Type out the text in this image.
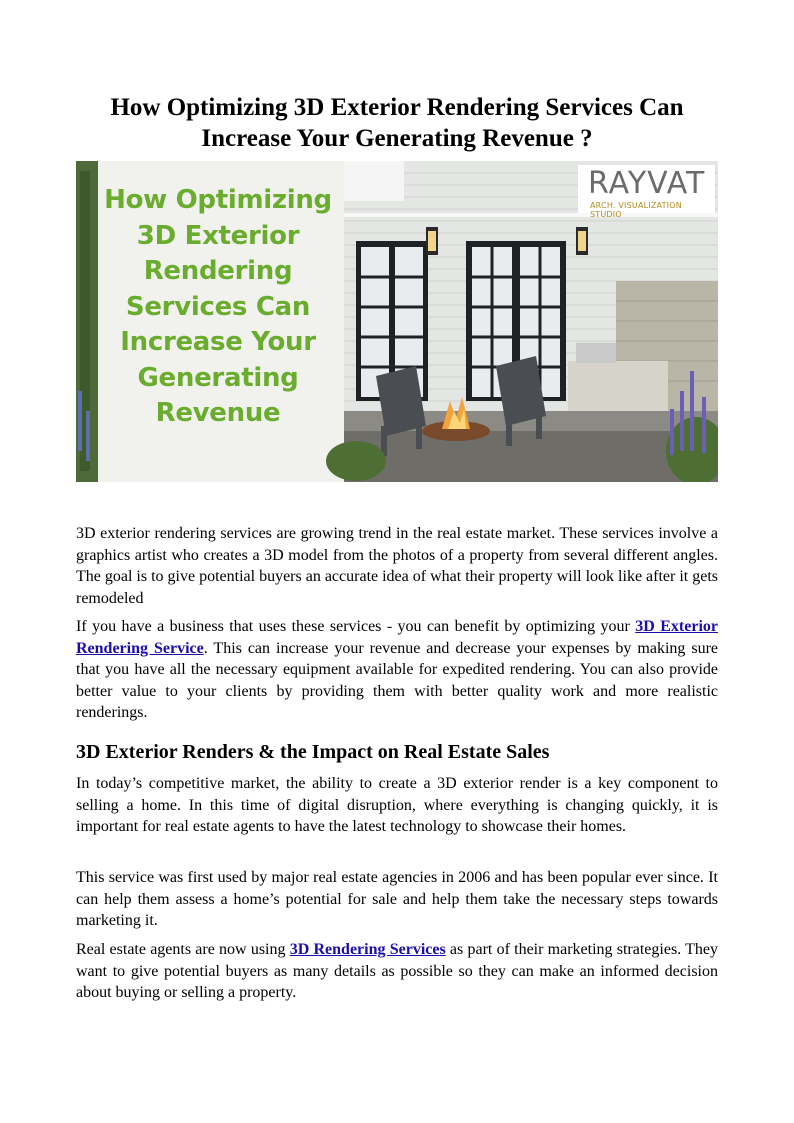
How Optimizing 3D Exterior Rendering Services Can Increase Your Generating Revenue ?
How Optimizing 3D Exterior Rendering Services Can Increase Your Generating Revenue
RAYVAT
ARCH. VISUALIZATION STUDIO

3D exterior rendering services are growing trend in the real estate market. These services involve a graphics artist who creates a 3D model from the photos of a property from several different angles. The goal is to give potential buyers an accurate idea of what their property will look like after it gets remodeled

If you have a business that uses these services - you can benefit by optimizing your 3D Exterior Rendering Service. This can increase your revenue and decrease your expenses by making sure that you have all the necessary equipment available for expedited rendering. You can also provide better value to your clients by providing them with better quality work and more realistic renderings.

3D Exterior Renders & the Impact on Real Estate Sales

In today’s competitive market, the ability to create a 3D exterior render is a key component to selling a home. In this time of digital disruption, where everything is changing quickly, it is important for real estate agents to have the latest technology to showcase their homes.

This service was first used by major real estate agencies in 2006 and has been popular ever since. It can help them assess a home’s potential for sale and help them take the necessary steps towards marketing it.

Real estate agents are now using 3D Rendering Services as part of their marketing strategies. They want to give potential buyers as many details as possible so they can make an informed decision about buying or selling a property.
